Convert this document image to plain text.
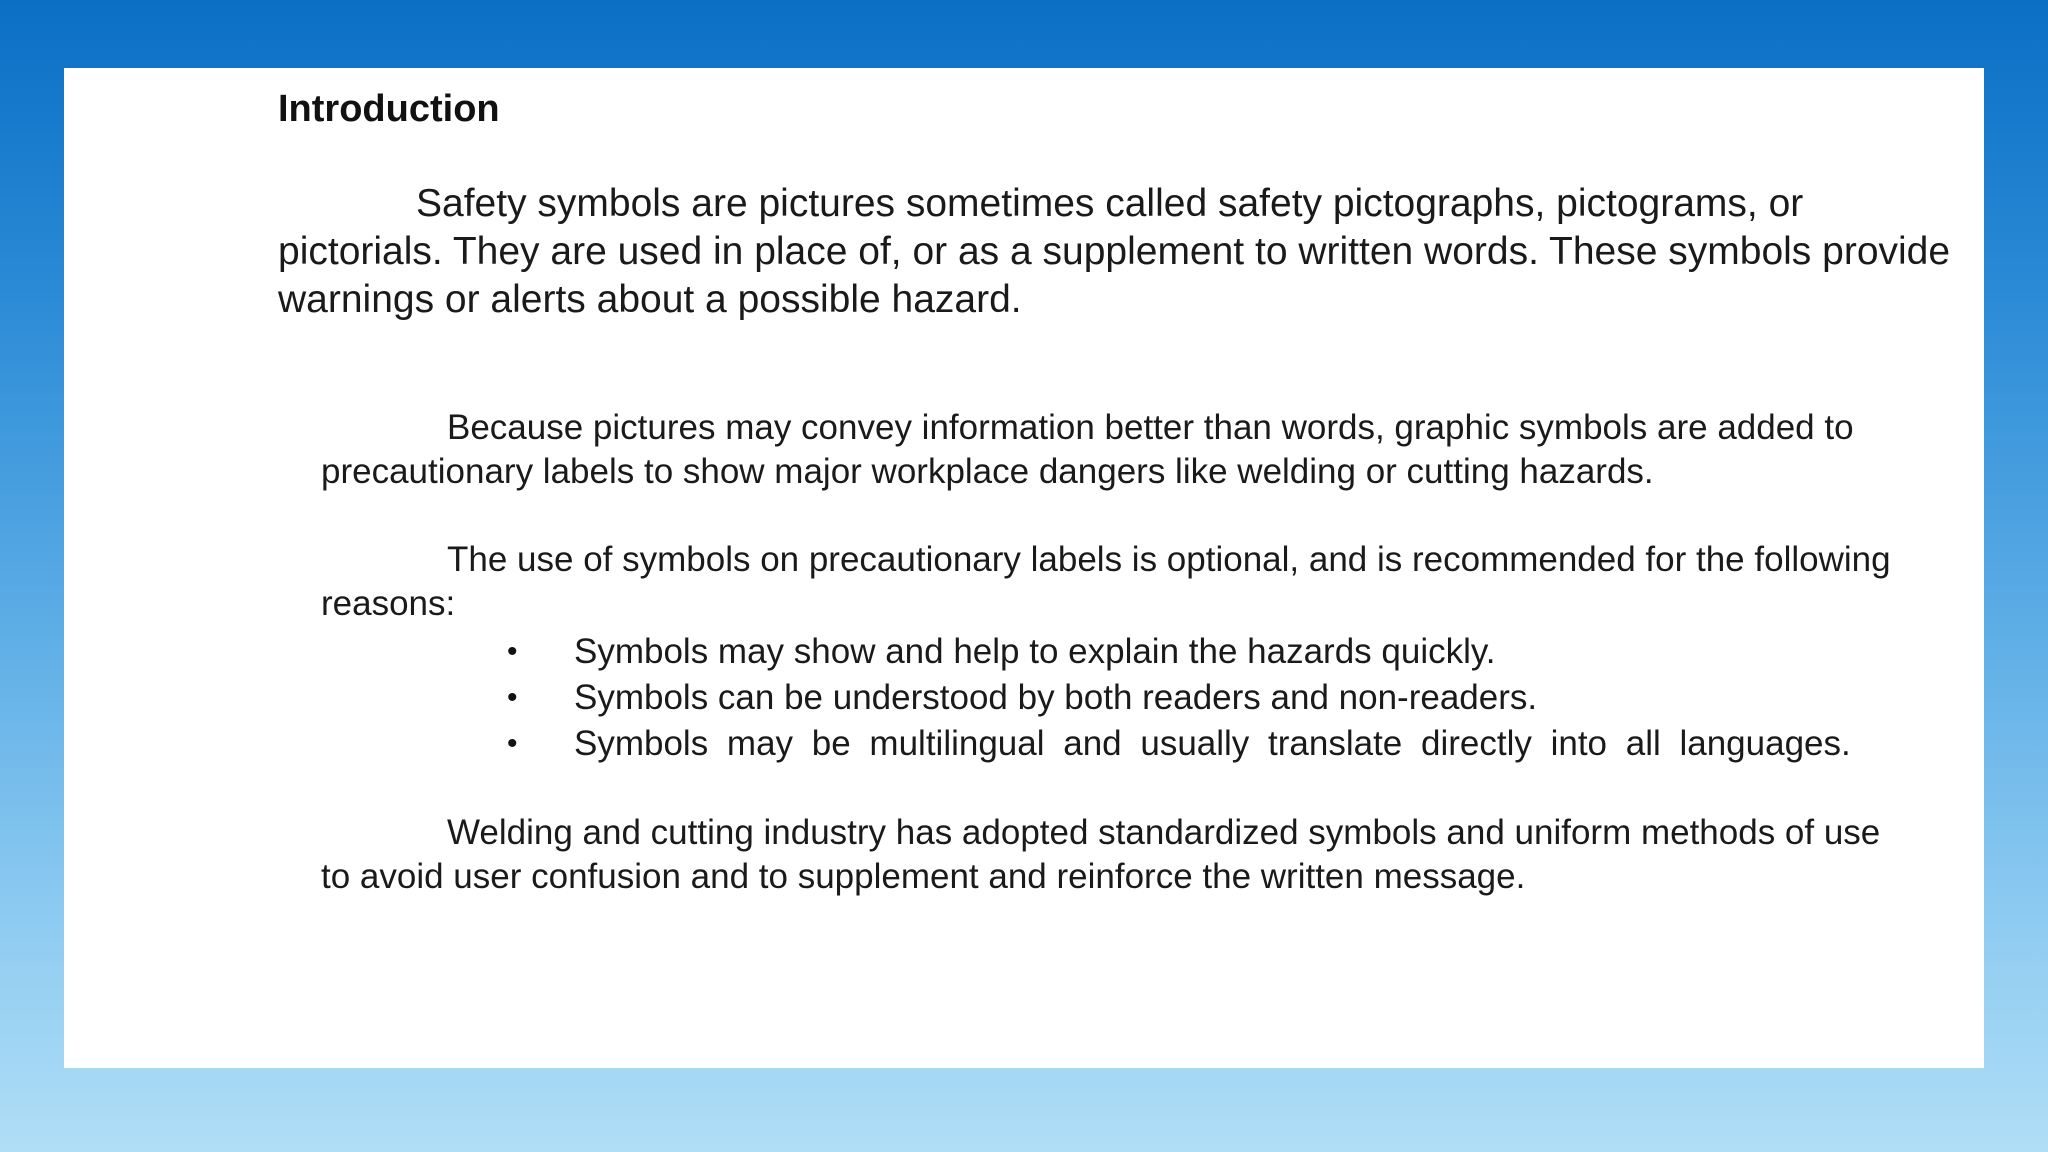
Introduction

Safety symbols are pictures sometimes called safety pictographs, pictograms, or pictorials. They are used in place of, or as a supplement to written words. These symbols provide warnings or alerts about a possible hazard.

Because pictures may convey information better than words, graphic symbols are added to precautionary labels to show major workplace dangers like welding or cutting hazards.

The use of symbols on precautionary labels is optional, and is recommended for the following reasons:

• Symbols may show and help to explain the hazards quickly.
• Symbols can be understood by both readers and non-readers.
• Symbols may be multilingual and usually translate directly into all languages.

Welding and cutting industry has adopted standardized symbols and uniform methods of use to avoid user confusion and to supplement and reinforce the written message.
